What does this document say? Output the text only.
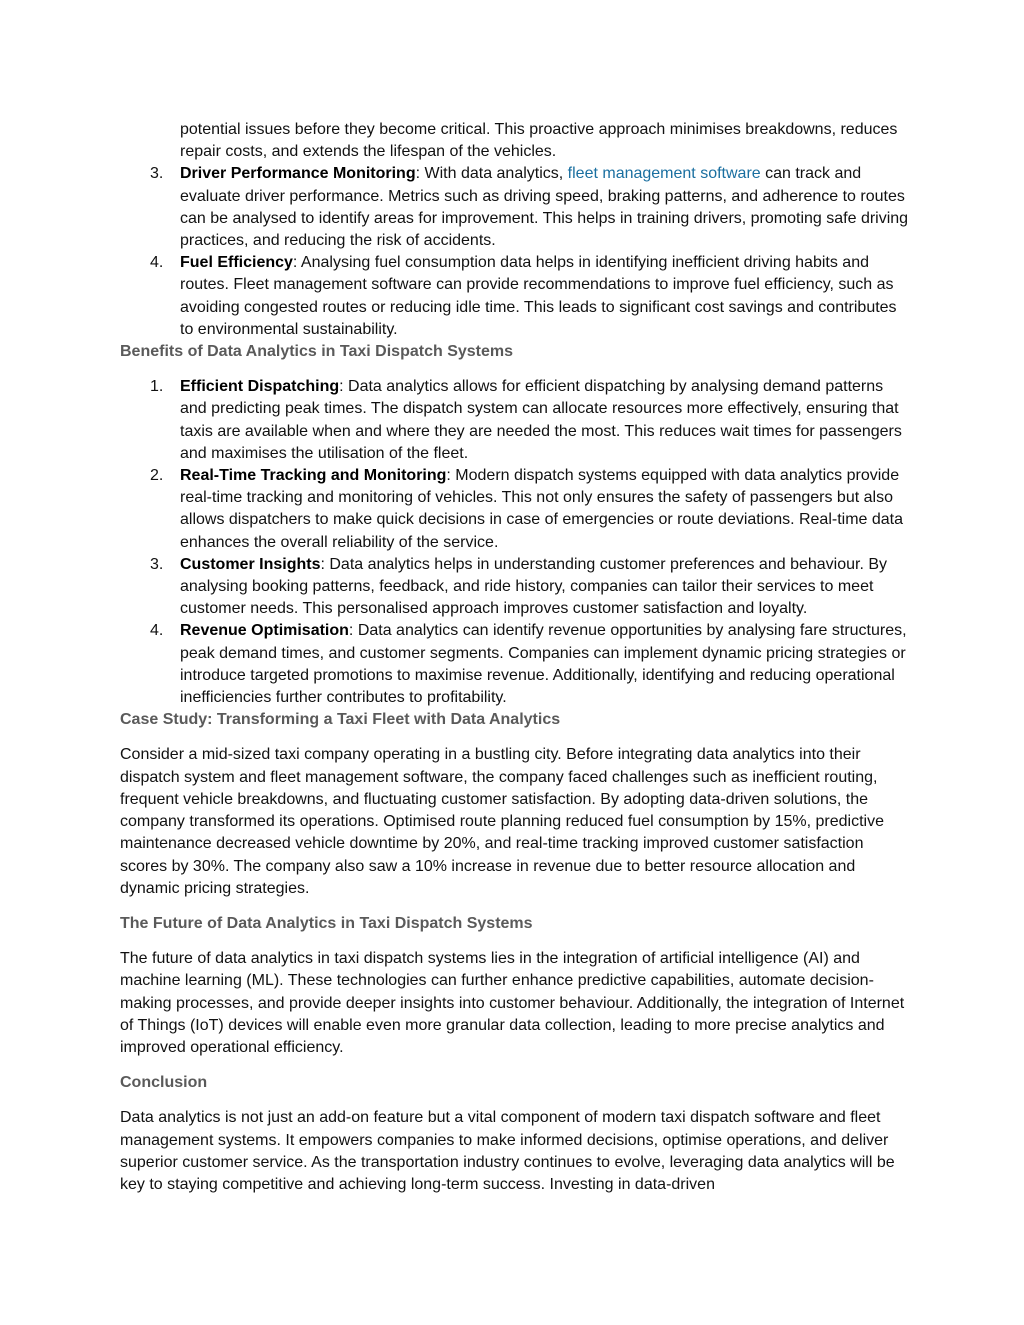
potential issues before they become critical. This proactive approach minimises breakdowns, reduces repair costs, and extends the lifespan of the vehicles.
3.	Driver Performance Monitoring: With data analytics, fleet management software can track and evaluate driver performance. Metrics such as driving speed, braking patterns, and adherence to routes can be analysed to identify areas for improvement. This helps in training drivers, promoting safe driving practices, and reducing the risk of accidents.
4.	Fuel Efficiency: Analysing fuel consumption data helps in identifying inefficient driving habits and routes. Fleet management software can provide recommendations to improve fuel efficiency, such as avoiding congested routes or reducing idle time. This leads to significant cost savings and contributes to environmental sustainability.
Benefits of Data Analytics in Taxi Dispatch Systems
1.	Efficient Dispatching: Data analytics allows for efficient dispatching by analysing demand patterns and predicting peak times. The dispatch system can allocate resources more effectively, ensuring that taxis are available when and where they are needed the most. This reduces wait times for passengers and maximises the utilisation of the fleet.
2.	Real-Time Tracking and Monitoring: Modern dispatch systems equipped with data analytics provide real-time tracking and monitoring of vehicles. This not only ensures the safety of passengers but also allows dispatchers to make quick decisions in case of emergencies or route deviations. Real-time data enhances the overall reliability of the service.
3.	Customer Insights: Data analytics helps in understanding customer preferences and behaviour. By analysing booking patterns, feedback, and ride history, companies can tailor their services to meet customer needs. This personalised approach improves customer satisfaction and loyalty.
4.	Revenue Optimisation: Data analytics can identify revenue opportunities by analysing fare structures, peak demand times, and customer segments. Companies can implement dynamic pricing strategies or introduce targeted promotions to maximise revenue. Additionally, identifying and reducing operational inefficiencies further contributes to profitability.
Case Study: Transforming a Taxi Fleet with Data Analytics

Consider a mid-sized taxi company operating in a bustling city. Before integrating data analytics into their dispatch system and fleet management software, the company faced challenges such as inefficient routing, frequent vehicle breakdowns, and fluctuating customer satisfaction. By adopting data-driven solutions, the company transformed its operations. Optimised route planning reduced fuel consumption by 15%, predictive maintenance decreased vehicle downtime by 20%, and real-time tracking improved customer satisfaction scores by 30%. The company also saw a 10% increase in revenue due to better resource allocation and dynamic pricing strategies.

The Future of Data Analytics in Taxi Dispatch Systems

The future of data analytics in taxi dispatch systems lies in the integration of artificial intelligence (AI) and machine learning (ML). These technologies can further enhance predictive capabilities, automate decision-making processes, and provide deeper insights into customer behaviour. Additionally, the integration of Internet of Things (IoT) devices will enable even more granular data collection, leading to more precise analytics and improved operational efficiency.

Conclusion

Data analytics is not just an add-on feature but a vital component of modern taxi dispatch software and fleet management systems. It empowers companies to make informed decisions, optimise operations, and deliver superior customer service. As the transportation industry continues to evolve, leveraging data analytics will be key to staying competitive and achieving long-term success. Investing in data-driven
